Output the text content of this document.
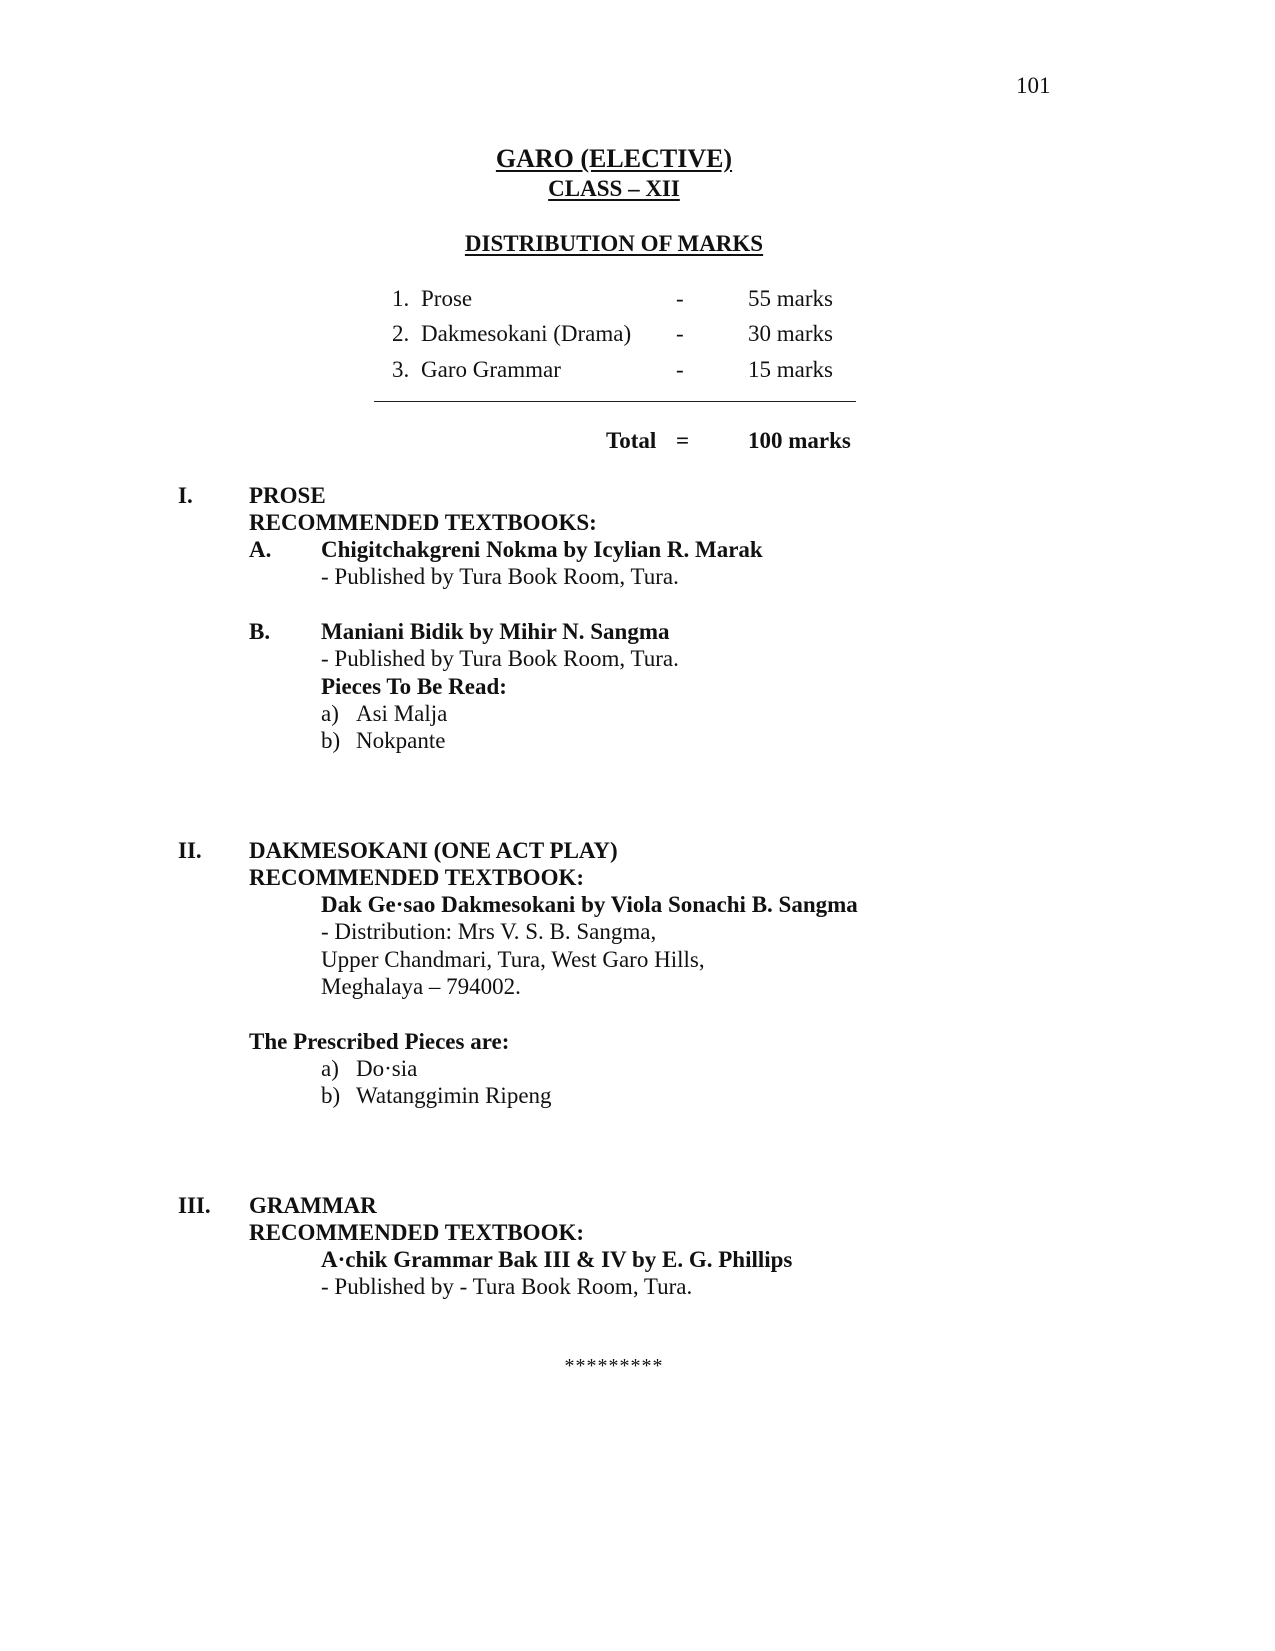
101
GARO (ELECTIVE)
CLASS – XII
DISTRIBUTION OF MARKS
1. Prose	-	55 marks
2. Dakmesokani (Drama) -	30 marks
3. Garo Grammar	-	15 marks
Total =	100 marks
I. PROSE
RECOMMENDED TEXTBOOKS:
A. Chigitchakgreni Nokma by Icylian R. Marak
- Published by Tura Book Room, Tura.
B. Maniani Bidik by Mihir N. Sangma
- Published by Tura Book Room, Tura.
Pieces To Be Read:
a) Asi Malja
b) Nokpante
II. DAKMESOKANI (ONE ACT PLAY)
RECOMMENDED TEXTBOOK:
Dak Ge·sao Dakmesokani by Viola Sonachi B. Sangma
- Distribution: Mrs V. S. B. Sangma,
Upper Chandmari, Tura, West Garo Hills,
Meghalaya – 794002.
The Prescribed Pieces are:
a) Do·sia
b) Watanggimin Ripeng
III. GRAMMAR
RECOMMENDED TEXTBOOK:
A·chik Grammar Bak III & IV by E. G. Phillips
- Published by - Tura Book Room, Tura.
*********
